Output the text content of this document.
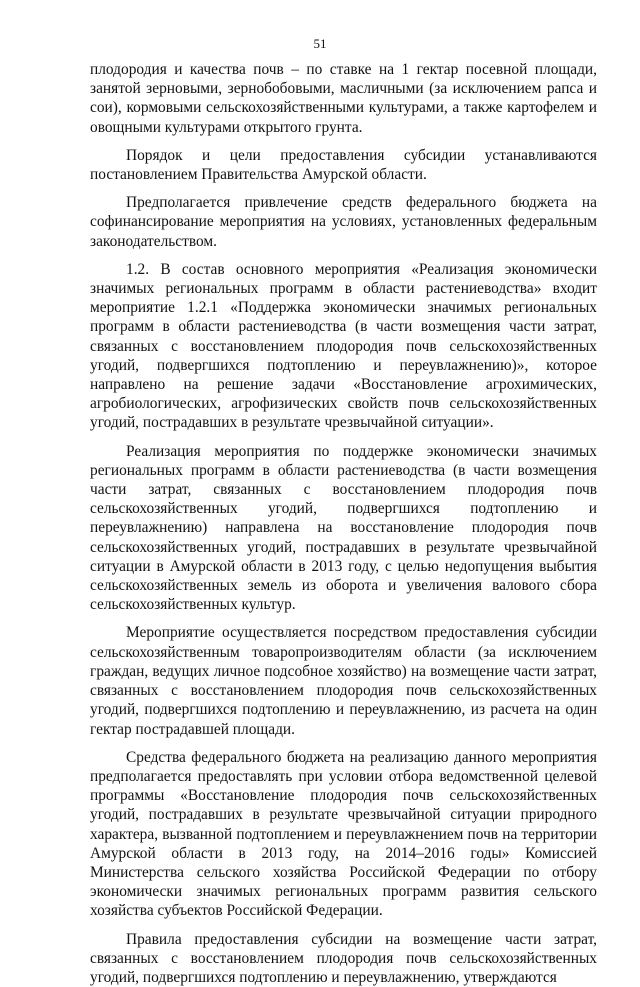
51

плодородия и качества почв – по ставке на 1 гектар посевной площади, занятой зерновыми, зернобобовыми, масличными (за исключением рапса и сои), кормовыми сельскохозяйственными культурами, а также картофелем и овощными культурами открытого грунта.

Порядок и цели предоставления субсидии устанавливаются постановлением Правительства Амурской области.

Предполагается привлечение средств федерального бюджета на софинансирование мероприятия на условиях, установленных федеральным законодательством.

1.2. В состав основного мероприятия «Реализация экономически значимых региональных программ в области растениеводства» входит мероприятие 1.2.1 «Поддержка экономически значимых региональных программ в области растениеводства (в части возмещения части затрат, связанных с восстановлением плодородия почв сельскохозяйственных угодий, подвергшихся подтоплению и переувлажнению)», которое направлено на решение задачи «Восстановление агрохимических, агробиологических, агрофизических свойств почв сельскохозяйственных угодий, пострадавших в результате чрезвычайной ситуации».

Реализация мероприятия по поддержке экономически значимых региональных программ в области растениеводства (в части возмещения части затрат, связанных с восстановлением плодородия почв сельскохозяйственных угодий, подвергшихся подтоплению и переувлажнению) направлена на восстановление плодородия почв сельскохозяйственных угодий, пострадавших в результате чрезвычайной ситуации в Амурской области в 2013 году, с целью недопущения выбытия сельскохозяйственных земель из оборота и увеличения валового сбора сельскохозяйственных культур.

Мероприятие осуществляется посредством предоставления субсидии сельскохозяйственным товаропроизводителям области (за исключением граждан, ведущих личное подсобное хозяйство) на возмещение части затрат, связанных с восстановлением плодородия почв сельскохозяйственных угодий, подвергшихся подтоплению и переувлажнению, из расчета на один гектар пострадавшей площади.

Средства федерального бюджета на реализацию данного мероприятия предполагается предоставлять при условии отбора ведомственной целевой программы «Восстановление плодородия почв сельскохозяйственных угодий, пострадавших в результате чрезвычайной ситуации природного характера, вызванной подтоплением и переувлажнением почв на территории Амурской области в 2013 году, на 2014–2016 годы» Комиссией Министерства сельского хозяйства Российской Федерации по отбору экономически значимых региональных программ развития сельского хозяйства субъектов Российской Федерации.

Правила предоставления субсидии на возмещение части затрат, связанных с восстановлением плодородия почв сельскохозяйственных угодий, подвергшихся подтоплению и переувлажнению, утверждаются
